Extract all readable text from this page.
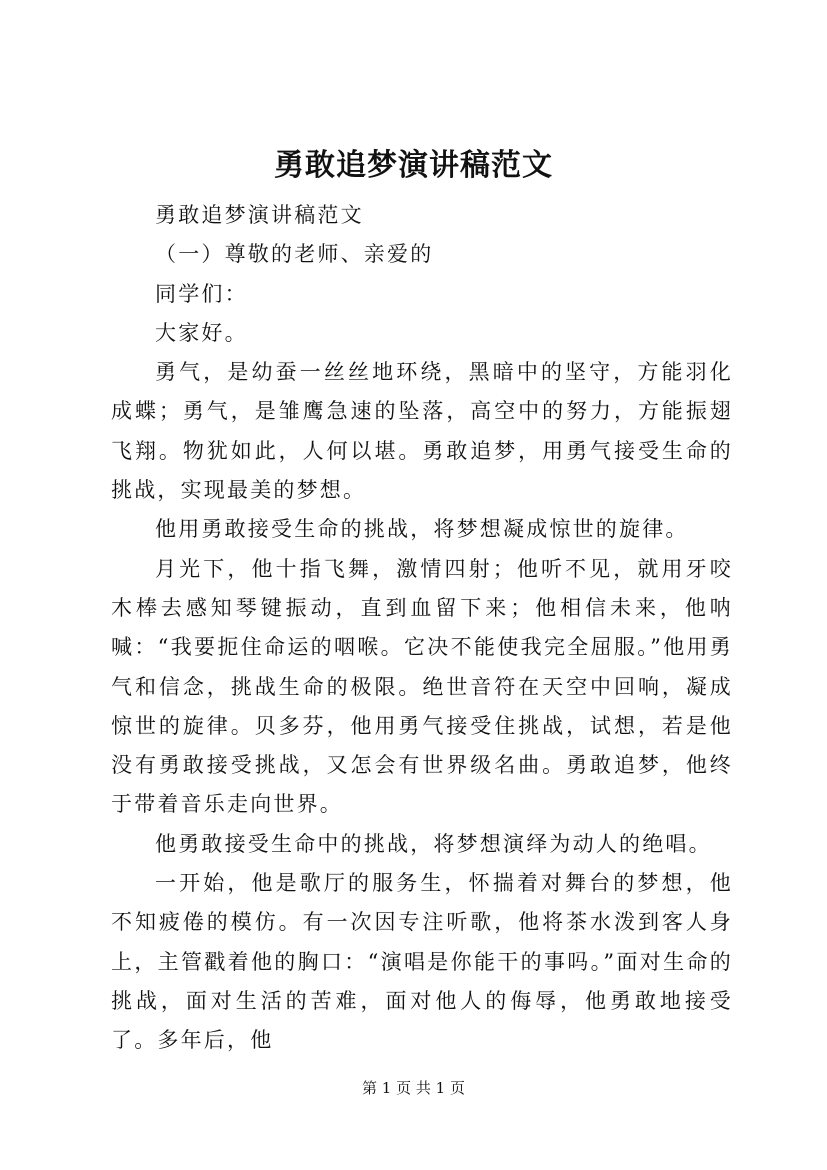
勇敢追梦演讲稿范文

勇敢追梦演讲稿范文

（一）尊敬的老师、亲爱的

同学们：

大家好。

勇气，是幼蚕一丝丝地环绕，黑暗中的坚守，方能羽化成蝶；勇气，是雏鹰急速的坠落，高空中的努力，方能振翅飞翔。物犹如此，人何以堪。勇敢追梦，用勇气接受生命的挑战，实现最美的梦想。

他用勇敢接受生命的挑战，将梦想凝成惊世的旋律。

月光下，他十指飞舞，激情四射；他听不见，就用牙咬木棒去感知琴键振动，直到血留下来；他相信未来，他呐喊：“我要扼住命运的咽喉。它决不能使我完全屈服。”他用勇气和信念，挑战生命的极限。绝世音符在天空中回响，凝成惊世的旋律。贝多芬，他用勇气接受住挑战，试想，若是他没有勇敢接受挑战，又怎会有世界级名曲。勇敢追梦，他终于带着音乐走向世界。

他勇敢接受生命中的挑战，将梦想演绎为动人的绝唱。

一开始，他是歌厅的服务生，怀揣着对舞台的梦想，他不知疲倦的模仿。有一次因专注听歌，他将茶水泼到客人身上，主管戳着他的胸口：“演唱是你能干的事吗。”面对生命的挑战，面对生活的苦难，面对他人的侮辱，他勇敢地接受了。多年后，他

第 1 页 共 1 页
